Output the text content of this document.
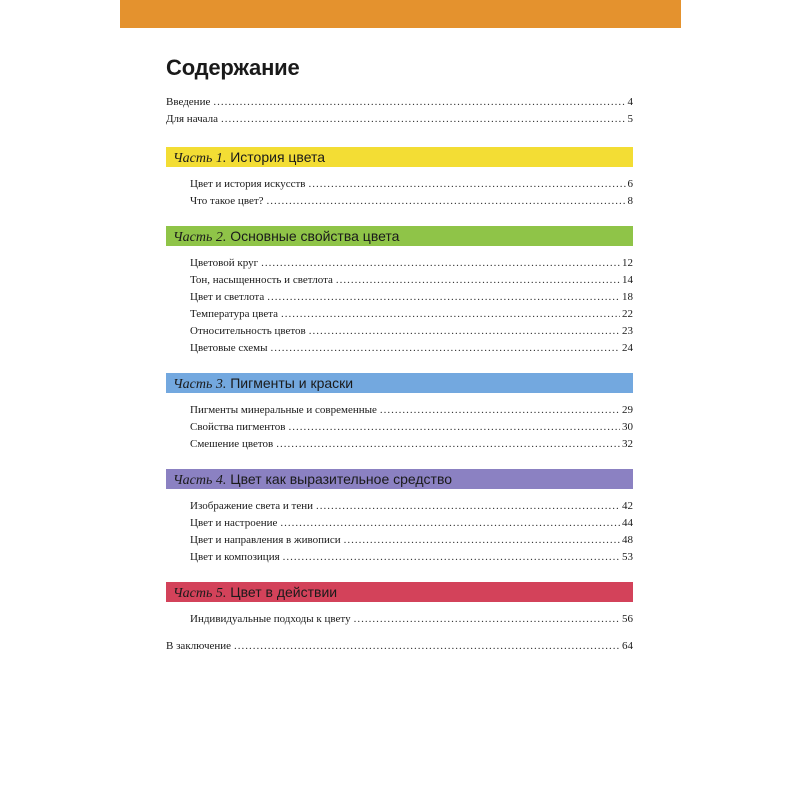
Содержание
Введение .....	4
Для начала .....	5
Часть 1. История цвета
Цвет и история искусств .....	6
Что такое цвет? .....	8
Часть 2. Основные свойства цвета
Цветовой круг .....	12
Тон, насыщенность и светлота .....	14
Цвет и светлота .....	18
Температура цвета .....	22
Относительность цветов .....	23
Цветовые схемы .....	24
Часть 3. Пигменты и краски
Пигменты минеральные и современные .....	29
Свойства пигментов .....	30
Смешение цветов .....	32
Часть 4. Цвет как выразительное средство
Изображение света и тени .....	42
Цвет и настроение .....	44
Цвет и направления в живописи .....	48
Цвет и композиция .....	53
Часть 5. Цвет в действии
Индивидуальные подходы к цвету .....	56
В заключение .....	64
